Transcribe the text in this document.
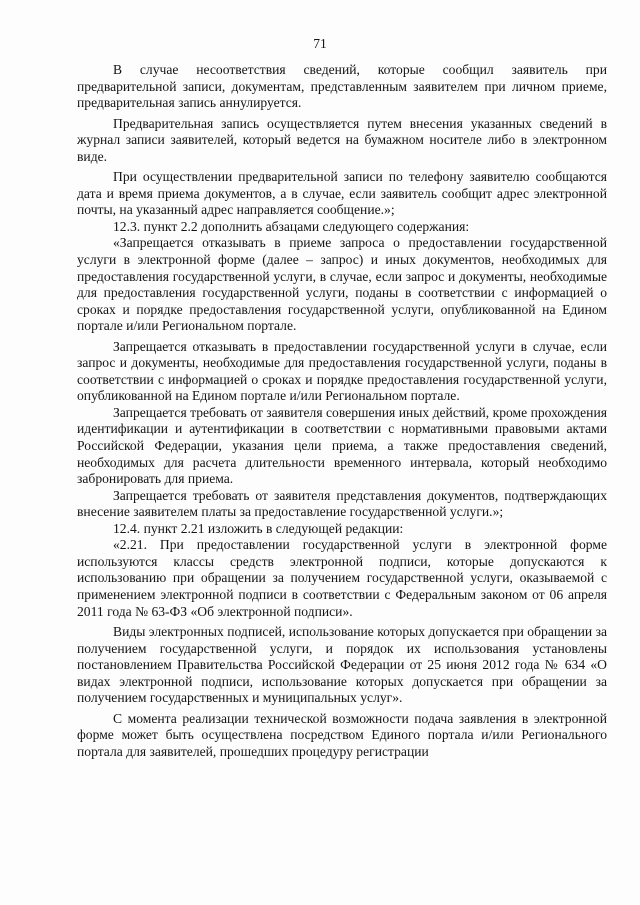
71

В случае несоответствия сведений, которые сообщил заявитель при предварительной записи, документам, представленным заявителем при личном приеме, предварительная запись аннулируется.

Предварительная запись осуществляется путем внесения указанных сведений в журнал записи заявителей, который ведется на бумажном носителе либо в электронном виде.

При осуществлении предварительной записи по телефону заявителю сообщаются дата и время приема документов, а в случае, если заявитель сообщит адрес электронной почты, на указанный адрес направляется сообщение.»;

12.3. пункт 2.2 дополнить абзацами следующего содержания:

«Запрещается отказывать в приеме запроса о предоставлении государственной услуги в электронной форме (далее – запрос) и иных документов, необходимых для предоставления государственной услуги, в случае, если запрос и документы, необходимые для предоставления государственной услуги, поданы в соответствии с информацией о сроках и порядке предоставления государственной услуги, опубликованной на Едином портале и/или Региональном портале.

Запрещается отказывать в предоставлении государственной услуги в случае, если запрос и документы, необходимые для предоставления государственной услуги, поданы в соответствии с информацией о сроках и порядке предоставления государственной услуги, опубликованной на Едином портале и/или Региональном портале.

Запрещается требовать от заявителя совершения иных действий, кроме прохождения идентификации и аутентификации в соответствии с нормативными правовыми актами Российской Федерации, указания цели приема, а также предоставления сведений, необходимых для расчета длительности временного интервала, который необходимо забронировать для приема.

Запрещается требовать от заявителя представления документов, подтверждающих внесение заявителем платы за предоставление государственной услуги.»;

12.4. пункт 2.21 изложить в следующей редакции:

«2.21. При предоставлении государственной услуги в электронной форме используются классы средств электронной подписи, которые допускаются к использованию при обращении за получением государственной услуги, оказываемой с применением электронной подписи в соответствии с Федеральным законом от 06 апреля 2011 года № 63-ФЗ «Об электронной подписи».

Виды электронных подписей, использование которых допускается при обращении за получением государственной услуги, и порядок их использования установлены постановлением Правительства Российской Федерации от 25 июня 2012 года № 634 «О видах электронной подписи, использование которых допускается при обращении за получением государственных и муниципальных услуг».

С момента реализации технической возможности подача заявления в электронной форме может быть осуществлена посредством Единого портала и/или Регионального портала для заявителей, прошедших процедуру регистрации
